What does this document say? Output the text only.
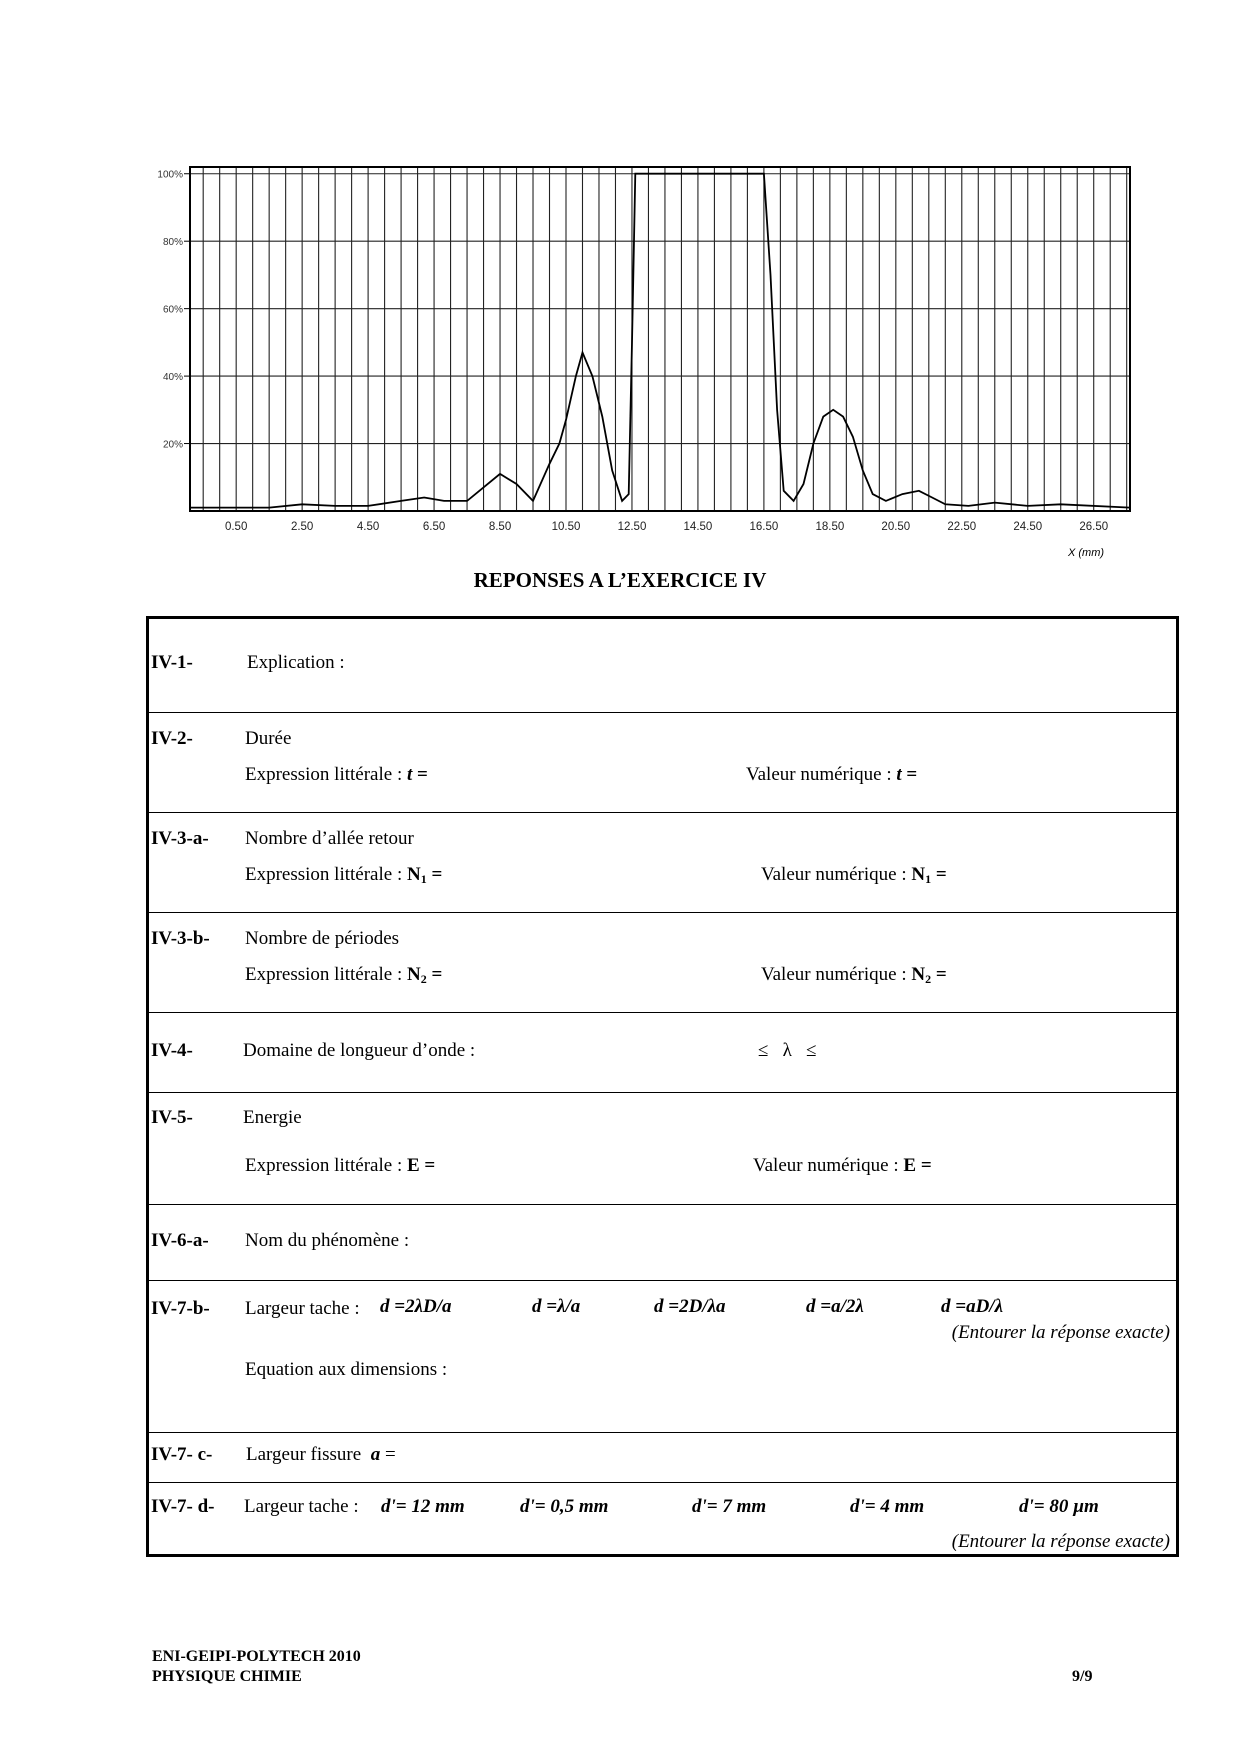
100%
80%
60%
40%
20%
0.50	2.50	4.50	6.50	8.50	10.50	12.50	14.50	16.50	18.50	20.50	22.50	24.50	26.50
X (mm)
REPONSES A L’EXERCICE IV
IV-1-	Explication :
IV-2-	Durée
Expression littérale : t =	Valeur numérique : t =
IV-3-a- Nombre d’allée retour
Expression littérale : $N_1$ =	Valeur numérique : $N_1$ =
IV-3-b- Nombre de périodes
Expression littérale : $N_2$ =	Valeur numérique : $N_2$ =
IV-4-	Domaine de longueur d’onde :	≤   λ   ≤
IV-5-	Energie
Expression littérale : E =	Valeur numérique : E =
IV-6-a- Nom du phénomène :
IV-7-b- Largeur tache : d =2λD/a	d =λ/a	d =2D/λa	d =a/2λ	d =aD/λ
(Entourer la réponse exacte)
Equation aux dimensions :
IV-7- c- Largeur fissure a =
IV-7- d- Largeur tache : d'= 12 mm	d'= 0,5 mm	d'= 7 mm	d'= 4 mm	d'= 80 µm
(Entourer la réponse exacte)
ENI-GEIPI-POLYTECH 2010
PHYSIQUE CHIMIE	9/9
